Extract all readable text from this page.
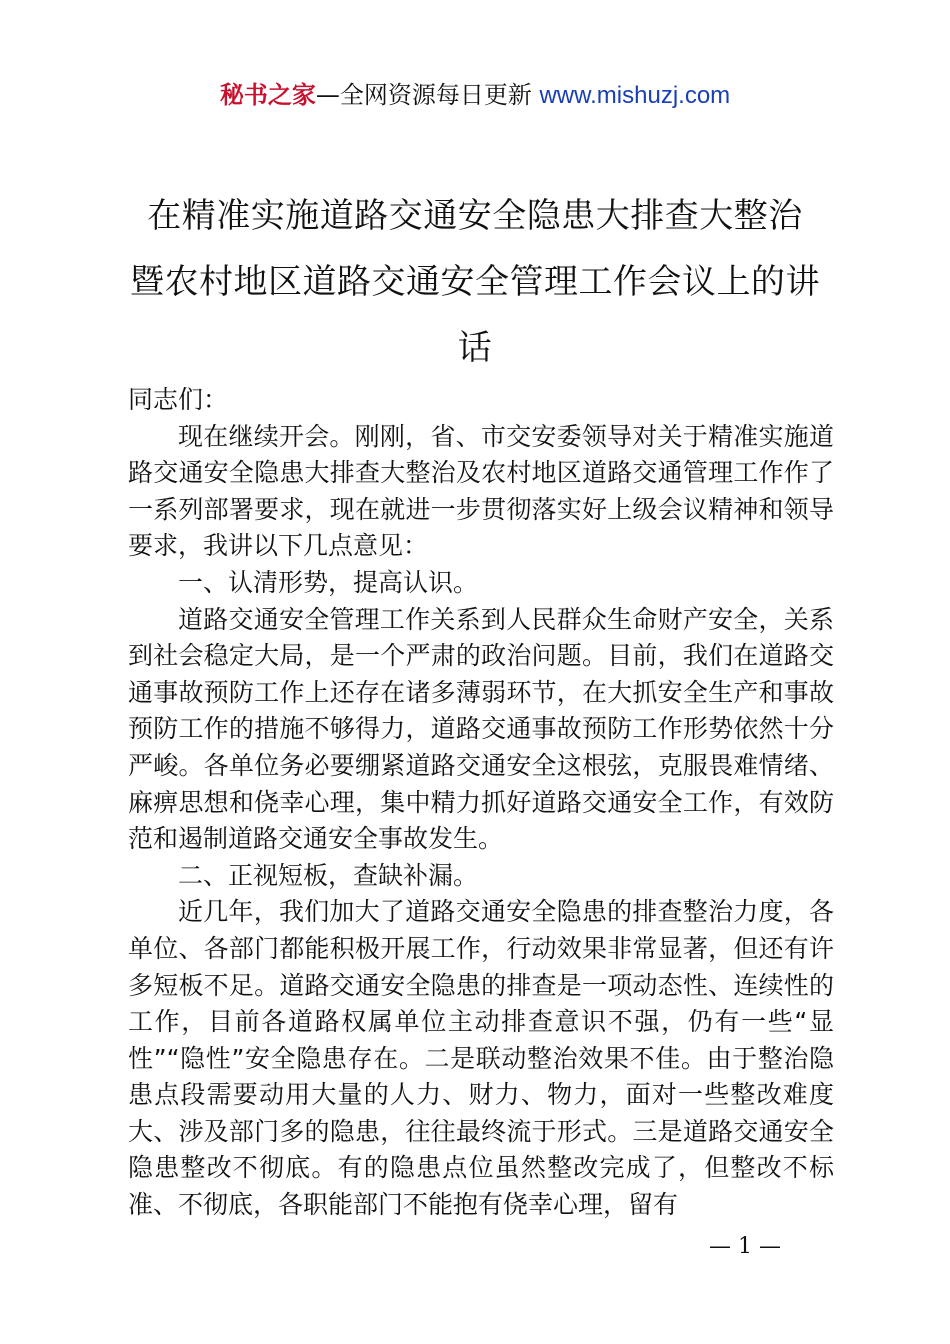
秘书之家—全网资源每日更新 www.mishuzj.com
在精准实施道路交通安全隐患大排查大整治
暨农村地区道路交通安全管理工作会议上的讲
话

同志们：

现在继续开会。刚刚，省、市交安委领导对关于精准实施道路交通安全隐患大排查大整治及农村地区道路交通管理工作作了一系列部署要求，现在就进一步贯彻落实好上级会议精神和领导要求，我讲以下几点意见：

一、认清形势，提高认识。

道路交通安全管理工作关系到人民群众生命财产安全，关系到社会稳定大局，是一个严肃的政治问题。目前，我们在道路交通事故预防工作上还存在诸多薄弱环节，在大抓安全生产和事故预防工作的措施不够得力，道路交通事故预防工作形势依然十分严峻。各单位务必要绷紧道路交通安全这根弦，克服畏难情绪、麻痹思想和侥幸心理，集中精力抓好道路交通安全工作，有效防范和遏制道路交通安全事故发生。

二、正视短板，查缺补漏。

近几年，我们加大了道路交通安全隐患的排查整治力度，各单位、各部门都能积极开展工作，行动效果非常显著，但还有许多短板不足。道路交通安全隐患的排查是一项动态性、连续性的工作，目前各道路权属单位主动排查意识不强，仍有一些“显性”“隐性”安全隐患存在。二是联动整治效果不佳。由于整治隐患点段需要动用大量的人力、财力、物力，面对一些整改难度大、涉及部门多的隐患，往往最终流于形式。三是道路交通安全隐患整改不彻底。有的隐患点位虽然整改完成了，但整改不标准、不彻底，各职能部门不能抱有侥幸心理，留有

— 1 —
